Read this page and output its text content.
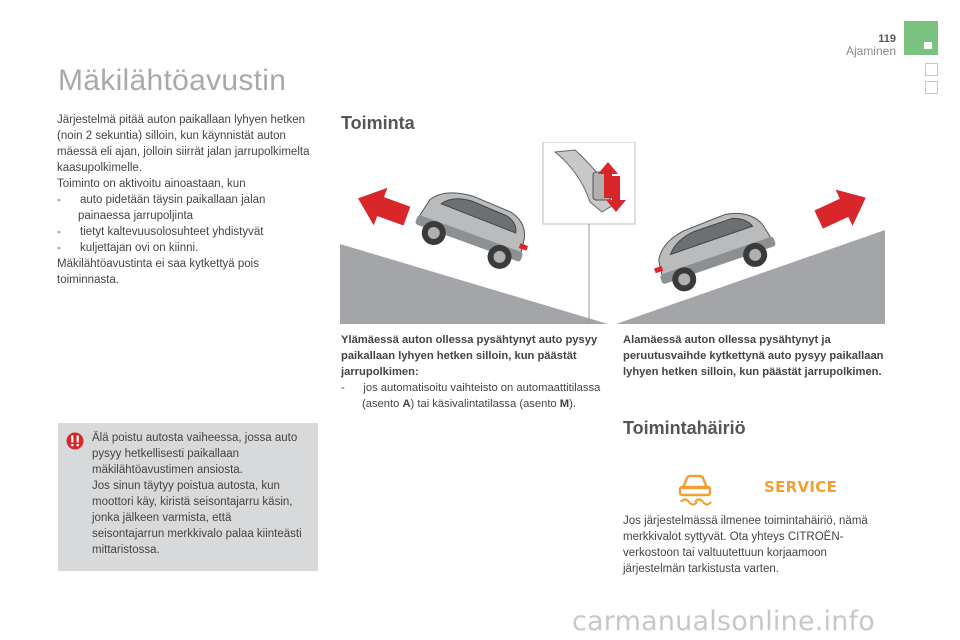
119
Ajaminen
Mäkilähtöavustin

Järjestelmä pitää auton paikallaan lyhyen hetken (noin 2 sekuntia) silloin, kun käynnistät auton mäessä eli ajan, jolloin siirrät jalan jarrupolkimelta kaasupolkimelle.

Toiminto on aktivoitu ainoastaan, kun

-      auto pidetään täysin paikallaan jalan painaessa jarrupoljinta

-      tietyt kaltevuusolosuhteet yhdistyvät

-      kuljettajan ovi on kiinni.

Mäkilähtöavustinta ei saa kytkettyä pois toiminnasta.

Älä poistu autosta vaiheessa, jossa auto pysyy hetkellisesti paikallaan mäkilähtöavustimen ansiosta.

Jos sinun täytyy poistua autosta, kun moottori käy, kiristä seisontajarru käsin, jonka jälkeen varmista, että seisontajarrun merkkivalo palaa kiinteästi mittaristossa.

Toiminta
Ylämäessä auton ollessa pysähtynyt auto pysyy paikallaan lyhyen hetken silloin, kun päästät jarrupolkimen:
-      jos automatisoitu vaihteisto on automaattitilassa (asento A) tai käsivalintatilassa (asento M).
Alamäessä auton ollessa pysähtynyt ja peruutusvaihde kytkettynä auto pysyy paikallaan lyhyen hetken silloin, kun päästät jarrupolkimen.
Toimintahäiriö
SERVICE
Jos järjestelmässä ilmenee toimintahäiriö, nämä merkkivalot syttyvät. Ota yhteys CITROËN-verkostoon tai valtuutettuun korjaamoon järjestelmän tarkistusta varten.
carmanualsonline.info
